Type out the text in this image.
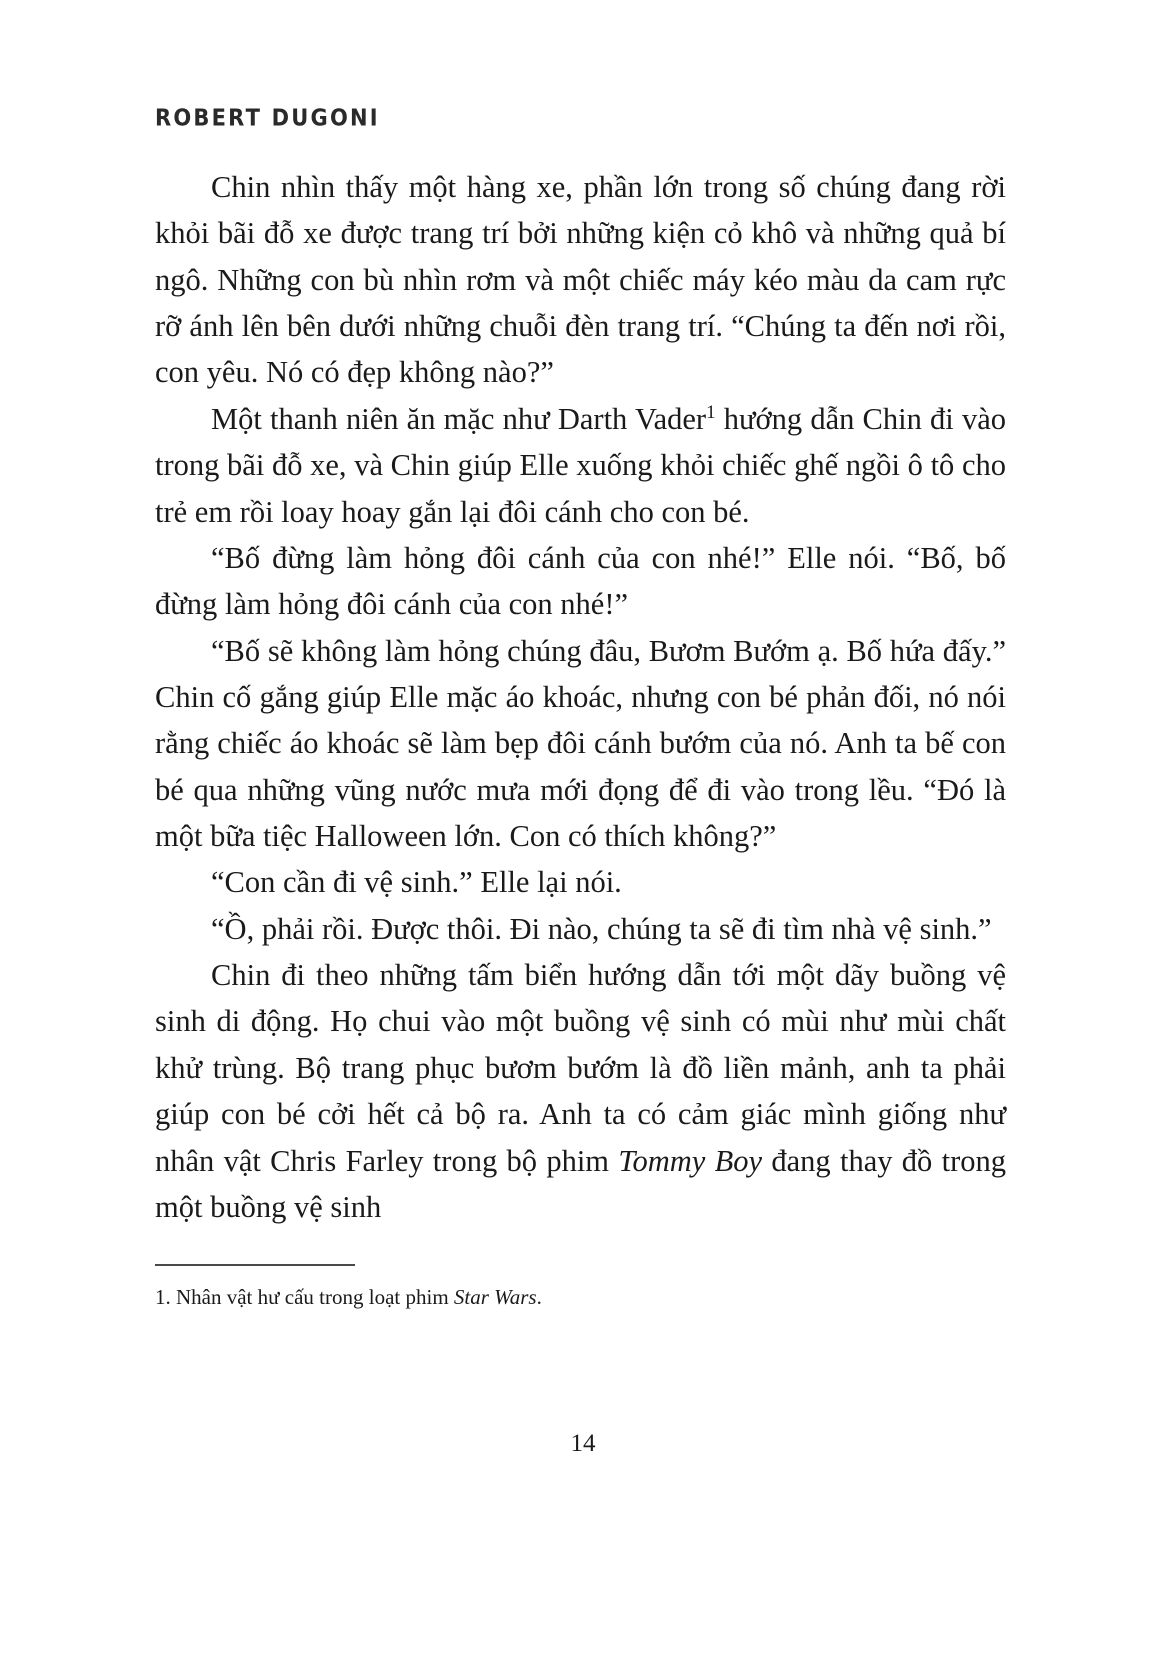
ROBERT DUGONI

Chin nhìn thấy một hàng xe, phần lớn trong số chúng đang rời khỏi bãi đỗ xe được trang trí bởi những kiện cỏ khô và những quả bí ngô. Những con bù nhìn rơm và một chiếc máy kéo màu da cam rực rỡ ánh lên bên dưới những chuỗi đèn trang trí. “Chúng ta đến nơi rồi, con yêu. Nó có đẹp không nào?”

Một thanh niên ăn mặc như Darth Vader$^1$ hướng dẫn Chin đi vào trong bãi đỗ xe, và Chin giúp Elle xuống khỏi chiếc ghế ngồi ô tô cho trẻ em rồi loay hoay gắn lại đôi cánh cho con bé.

“Bố đừng làm hỏng đôi cánh của con nhé!” Elle nói. “Bố, bố đừng làm hỏng đôi cánh của con nhé!”

“Bố sẽ không làm hỏng chúng đâu, Bươm Bướm ạ. Bố hứa đấy.” Chin cố gắng giúp Elle mặc áo khoác, nhưng con bé phản đối, nó nói rằng chiếc áo khoác sẽ làm bẹp đôi cánh bướm của nó. Anh ta bế con bé qua những vũng nước mưa mới đọng để đi vào trong lều. “Đó là một bữa tiệc Halloween lớn. Con có thích không?”

“Con cần đi vệ sinh.” Elle lại nói.

“Ồ, phải rồi. Được thôi. Đi nào, chúng ta sẽ đi tìm nhà vệ sinh.”

Chin đi theo những tấm biển hướng dẫn tới một dãy buồng vệ sinh di động. Họ chui vào một buồng vệ sinh có mùi như mùi chất khử trùng. Bộ trang phục bươm bướm là đồ liền mảnh, anh ta phải giúp con bé cởi hết cả bộ ra. Anh ta có cảm giác mình giống như nhân vật Chris Farley trong bộ phim Tommy Boy đang thay đồ trong một buồng vệ sinh

1. Nhân vật hư cấu trong loạt phim Star Wars.

14
